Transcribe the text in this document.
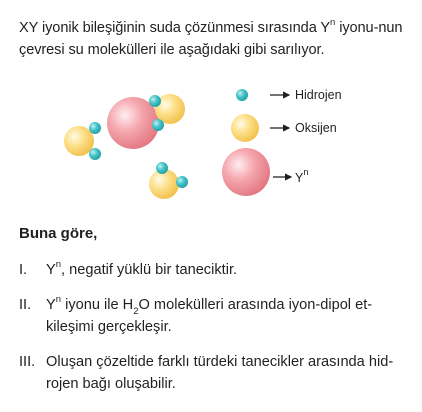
XY iyonik bileşiğinin suda çözünmesi sırasında $Y^n$ iyonu-nun çevresi su molekülleri ile aşağıdaki gibi sarılıyor.
Hidrojen
Oksijen
$Y^n$
Buna göre,
I. $Y^n$, negatif yüklü bir taneciktir.
II. $Y^n$ iyonu ile $H_2O$ molekülleri arasında iyon-dipol et-kileşimi gerçekleşir.
III. Oluşan çözeltide farklı türdeki tanecikler arasında hid-rojen bağı oluşabilir.
